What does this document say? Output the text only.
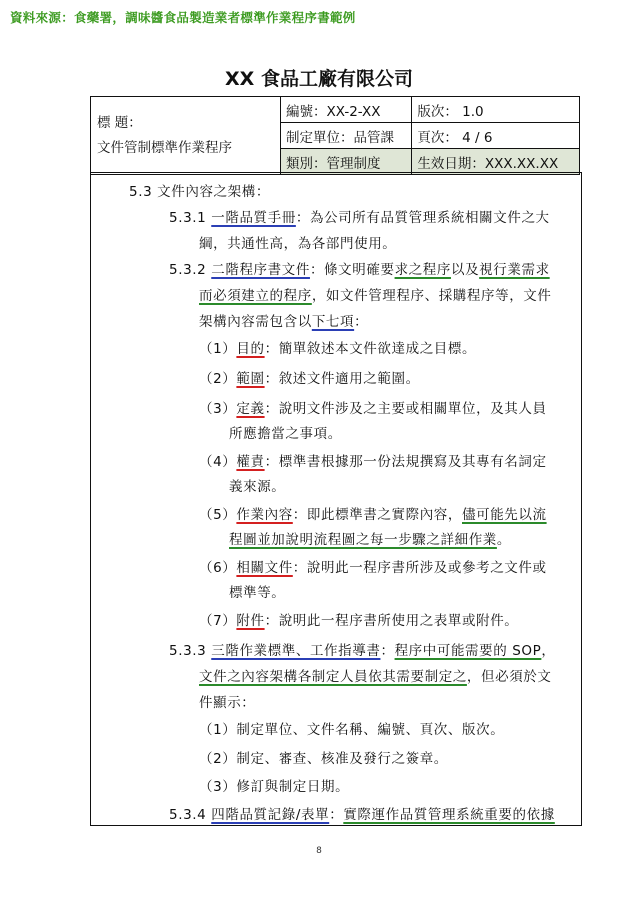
資料來源：食藥署，調味醬食品製造業者標準作業程序書範例
XX 食品工廠有限公司
標 題：
文件管制標準作業程序	編號：XX-2-XX	版次： 1.0
	制定單位：品管課	頁次： 4 / 6
	類別：管理制度	生效日期：XXX.XX.XX
5.3 文件內容之架構：
5.3.1 一階品質手冊：為公司所有品質管理系統相關文件之大
綱，共通性高，為各部門使用。
5.3.2 二階程序書文件：條文明確要求之程序以及視行業需求
而必須建立的程序，如文件管理程序、採購程序等，文件
架構內容需包含以下七項：
（1）目的：簡單敘述本文件欲達成之目標。
（2）範圍：敘述文件適用之範圍。
（3）定義：說明文件涉及之主要或相關單位，及其人員
所應擔當之事項。
（4）權責：標準書根據那一份法規撰寫及其專有名詞定
義來源。
（5）作業內容：即此標準書之實際內容，儘可能先以流
程圖並加說明流程圖之每一步驟之詳細作業。
（6）相關文件：說明此一程序書所涉及或參考之文件或
標準等。
（7）附件：說明此一程序書所使用之表單或附件。
5.3.3 三階作業標準、工作指導書：程序中可能需要的 SOP，
文件之內容架構各制定人員依其需要制定之，但必須於文
件顯示：
（1）制定單位、文件名稱、編號、頁次、版次。
（2）制定、審查、核准及發行之簽章。
（3）修訂與制定日期。
5.3.4 四階品質記錄/表單：實際運作品質管理系統重要的依據
8
